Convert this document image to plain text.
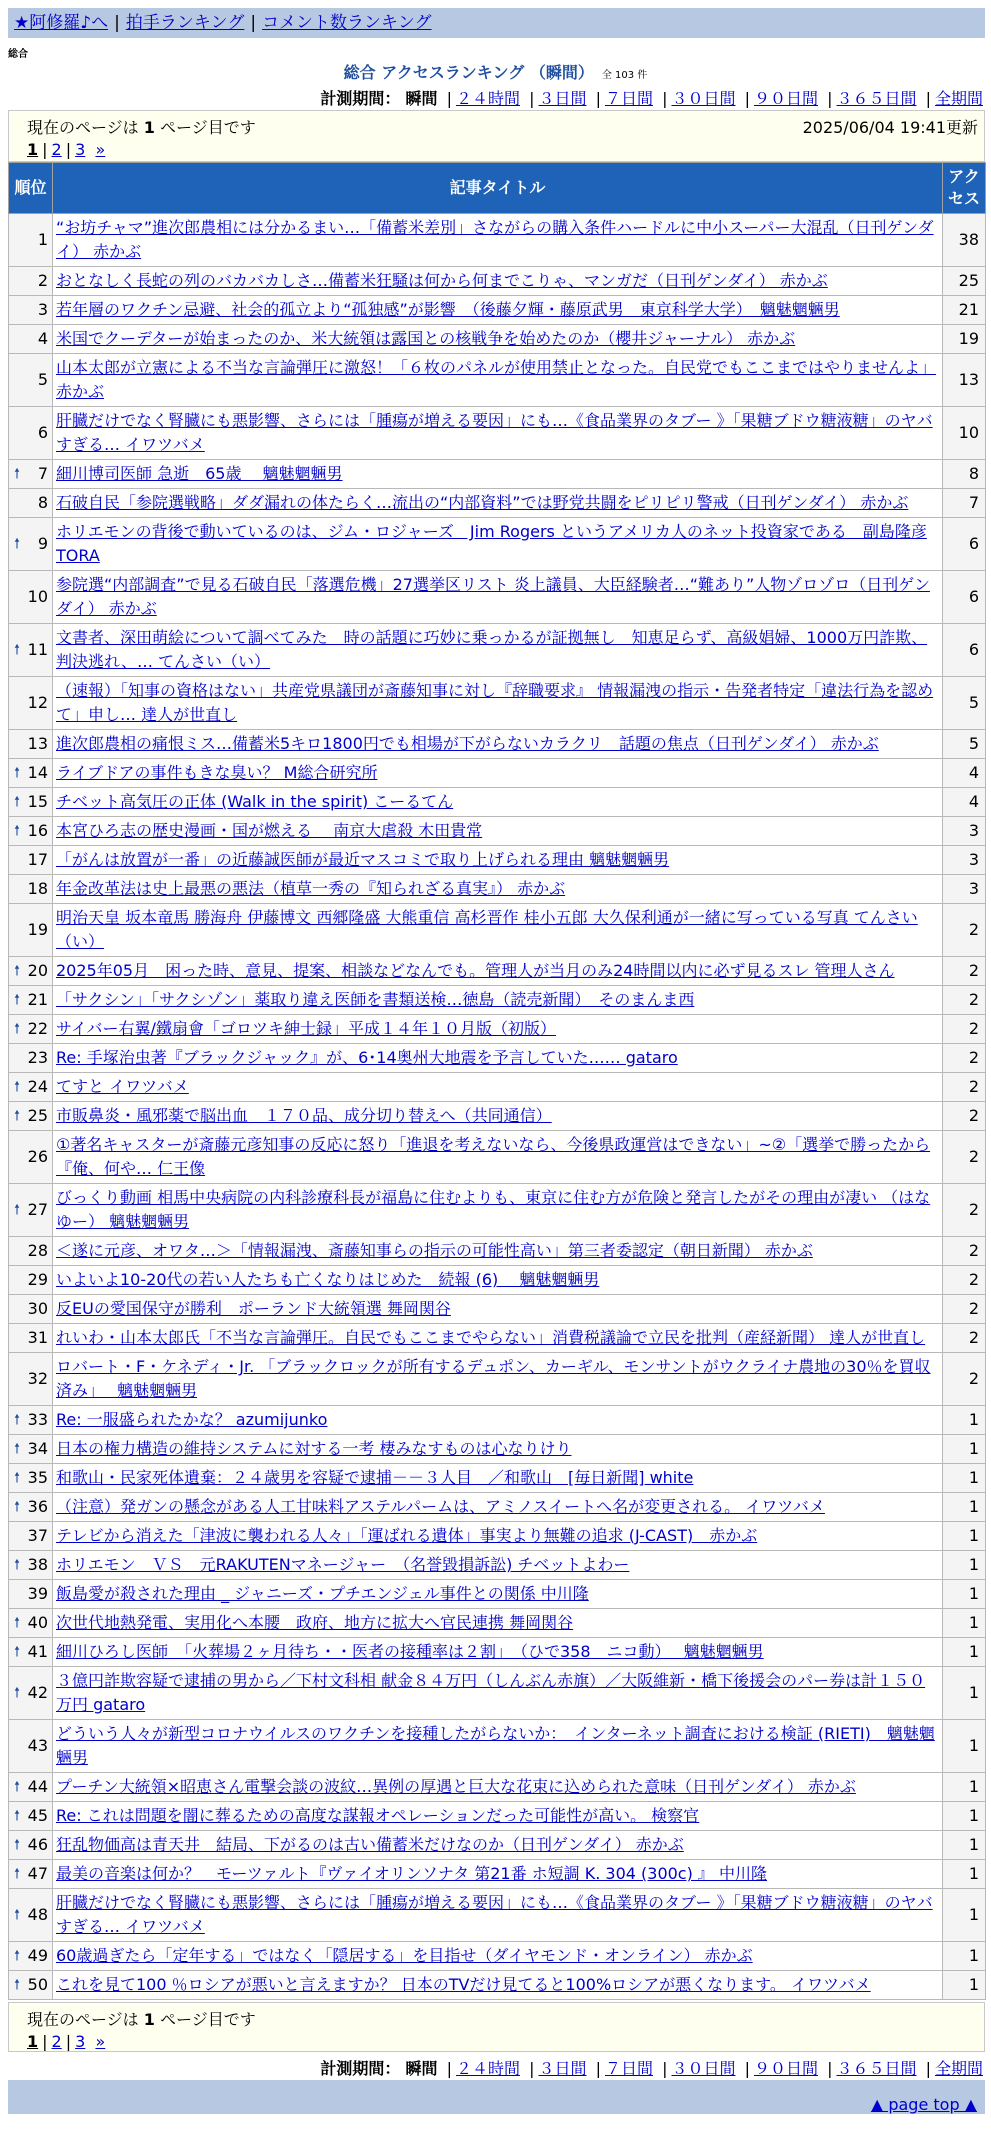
★阿修羅♪へ | 拍手ランキング | コメント数ランキング
総合
総合 アクセスランキング （瞬間） 全 103 件
計測期間： 瞬間 | ２４時間 | ３日間 | ７日間 | ３０日間 | ９０日間 | ３６５日間 | 全期間
現在のページは 1 ページ目です	2025/06/04 19:41更新
1 | 2 | 3 »
順位	記事タイトル	アクセス
1	“お坊チャマ”進次郎農相には分かるまい…「備蓄米差別」さながらの購入条件ハードルに中小スーパー大混乱（日刊ゲンダイ） 赤かぶ	38
2	おとなしく長蛇の列のバカバカしさ…備蓄米狂騒は何から何までこりゃ、マンガだ（日刊ゲンダイ） 赤かぶ	25
3	若年層のワクチン忌避、社会的孤立より“孤独感”が影響　（後藤夕輝・藤原武男　東京科学大学）　魑魅魍魎男	21
4	米国でクーデターが始まったのか、米大統領は露国との核戦争を始めたのか（櫻井ジャーナル） 赤かぶ	19
5	山本太郎が立憲による不当な言論弾圧に激怒！「６枚のパネルが使用禁止となった。自民党でもここまではやりませんよ」 赤かぶ	13
6	肝臓だけでなく腎臓にも悪影響、さらには「腫瘍が増える要因」にも…《食品業界のタブー 》「果糖ブドウ糖液糖」のヤバすぎる… イワツバメ	10

🠕 7	細川博司医師 急逝　65歳　 魑魅魍魎男	8
8	石破自民「参院選戦略」ダダ漏れの体たらく…流出の“内部資料”では野党共闘をピリピリ警戒（日刊ゲンダイ） 赤かぶ	7

🠕 9	ホリエモンの背後で動いているのは、ジム・ロジャーズ　Jim Rogers というアメリカ人のネット投資家である　副島隆彦 TORA	6
10	参院選“内部調査”で見る石破自民「落選危機」27選挙区リスト 炎上議員、大臣経験者…“難あり”人物ゾロゾロ（日刊ゲンダイ） 赤かぶ	6

🠕 11	文書者、深田萌絵について調べてみた　時の話題に巧妙に乗っかるが証拠無し　知恵足らず、高級娼婦、1000万円詐欺、判決逃れ、… てんさい（い）	6
12	（速報）「知事の資格はない」共産党県議団が斎藤知事に対し『辞職要求』 情報漏洩の指示・告発者特定「違法行為を認めて」申し… 達人が世直し	5
13	進次郎農相の痛恨ミス…備蓄米5キロ1800円でも相場が下がらないカラクリ　話題の焦点（日刊ゲンダイ） 赤かぶ	5

🠕 14	ライブドアの事件もきな臭い？ M総合研究所	4

🠕 15	チベット高気圧の正体 (Walk in the spirit) こーるてん	4

🠕 16	本宮ひろ志の歴史漫画・国が燃える　 南京大虐殺 木田貴常	3
17	「がんは放置が一番」の近藤誠医師が最近マスコミで取り上げられる理由 魑魅魍魎男	3
18	年金改革法は史上最悪の悪法（植草一秀の『知られざる真実』） 赤かぶ	3
19	明治天皇 坂本竜馬 勝海舟 伊藤博文 西郷隆盛 大熊重信 高杉晋作 桂小五郎 大久保利通が一緒に写っている写真 てんさい（い）	2

🠕 20	2025年05月　困った時、意見、提案、相談などなんでも。管理人が当月のみ24時間以内に必ず見るスレ 管理人さん	2

🠕 21	「サクシン」「サクシゾン」薬取り違え医師を書類送検…徳島（読売新聞）　そのまんま西	2

🠕 22	サイバー右翼/鐵扇會「ゴロツキ紳士録」平成１４年１０月版（初版）	2
23	Re: 手塚治虫著『ブラックジャック』が、6･14奥州大地震を予言していた…… gataro	2

🠕 24	てすと イワツバメ	2

🠕 25	市販鼻炎・風邪薬で脳出血　１７０品、成分切り替えへ（共同通信）	2
26	①著名キャスターが斎藤元彦知事の反応に怒り「進退を考えないなら、今後県政運営はできない」~②「選挙で勝ったから『俺、何や… 仁王像	2

🠕 27	びっくり動画 相馬中央病院の内科診療科長が福島に住むよりも、東京に住む方が危険と発言したがその理由が凄い （はなゆー） 魑魅魍魎男	2
28	＜遂に元彦、オワタ…＞「情報漏洩、斎藤知事らの指示の可能性高い」第三者委認定（朝日新聞） 赤かぶ	2
29	いよいよ10-20代の若い人たちも亡くなりはじめた　続報 (6)　 魑魅魍魎男	2
30	反EUの愛国保守が勝利　ポーランド大統領選 舞岡関谷	2
31	れいわ・山本太郎氏「不当な言論弾圧。自民でもここまでやらない」消費税議論で立民を批判（産経新聞） 達人が世直し	2
32	ロバート・F・ケネディ・Jr. 「ブラックロックが所有するデュポン、カーギル、モンサントがウクライナ農地の30％を買収済み」　 魑魅魍魎男	2

🠕 33	Re: 一服盛られたかな？ azumijunko	1

🠕 34	日本の権力構造の維持システムに対する一考 棲みなすものは心なりけり	1

🠕 35	和歌山・民家死体遺棄：２４歳男を容疑で逮捕－－３人目　／和歌山　[毎日新聞] white	1

🠕 36	（注意）発ガンの懸念がある人工甘味料アステルパームは、アミノスイートへ名が変更される。 イワツバメ	1
37	テレビから消えた「津波に襲われる人々」「運ばれる遺体」事実より無難の追求 (J-CAST)　赤かぶ	1

🠕 38	ホリエモン　ＶＳ　元RAKUTENマネージャー　（名誉毀損訴訟) チベットよわー	1
39	飯島愛が殺された理由 _ ジャニーズ・プチエンジェル事件との関係 中川隆	1

🠕 40	次世代地熱発電、実用化へ本腰　政府、地方に拡大へ官民連携 舞岡関谷	1

🠕 41	細川ひろし医師　「火葬場２ヶ月待ち・・医者の接種率は２割」　（ひで358　ニコ動）　 魑魅魍魎男	1

🠕 42	３億円詐欺容疑で逮捕の男から／下村文科相 献金８４万円（しんぶん赤旗）／大阪維新・橋下後援会のパー券は計１５０万円 gataro	1
43	どういう人々が新型コロナウイルスのワクチンを接種したがらないか：　インターネット調査における検証 (RIETI)　魑魅魍魎男	1

🠕 44	プーチン大統領×昭恵さん電撃会談の波紋…異例の厚遇と巨大な花束に込められた意味（日刊ゲンダイ） 赤かぶ	1

🠕 45	Re: これは問題を闇に葬るための高度な謀報オペレーションだった可能性が高い。 検察官	1

🠕 46	狂乱物価高は青天井　結局、下がるのは古い備蓄米だけなのか（日刊ゲンダイ） 赤かぶ	1

🠕 47	最美の音楽は何か？　モーツァルト『ヴァイオリンソナタ 第21番 ホ短調 K. 304 (300c) 』 中川隆	1

🠕 48	肝臓だけでなく腎臓にも悪影響、さらには「腫瘍が増える要因」にも…《食品業界のタブー 》「果糖ブドウ糖液糖」のヤバすぎる… イワツバメ	1

🠕 49	60歳過ぎたら「定年する」ではなく「隠居する」を目指せ（ダイヤモンド・オンライン） 赤かぶ	1

🠕 50	これを見て100 ％ロシアが悪いと言えますか？ 日本のTVだけ見てると100%ロシアが悪くなります。 イワツバメ	1
現在のページは 1 ページ目です
1 | 2 | 3 »
計測期間： 瞬間 | ２４時間 | ３日間 | ７日間 | ３０日間 | ９０日間 | ３６５日間 | 全期間
▲ page top ▲
